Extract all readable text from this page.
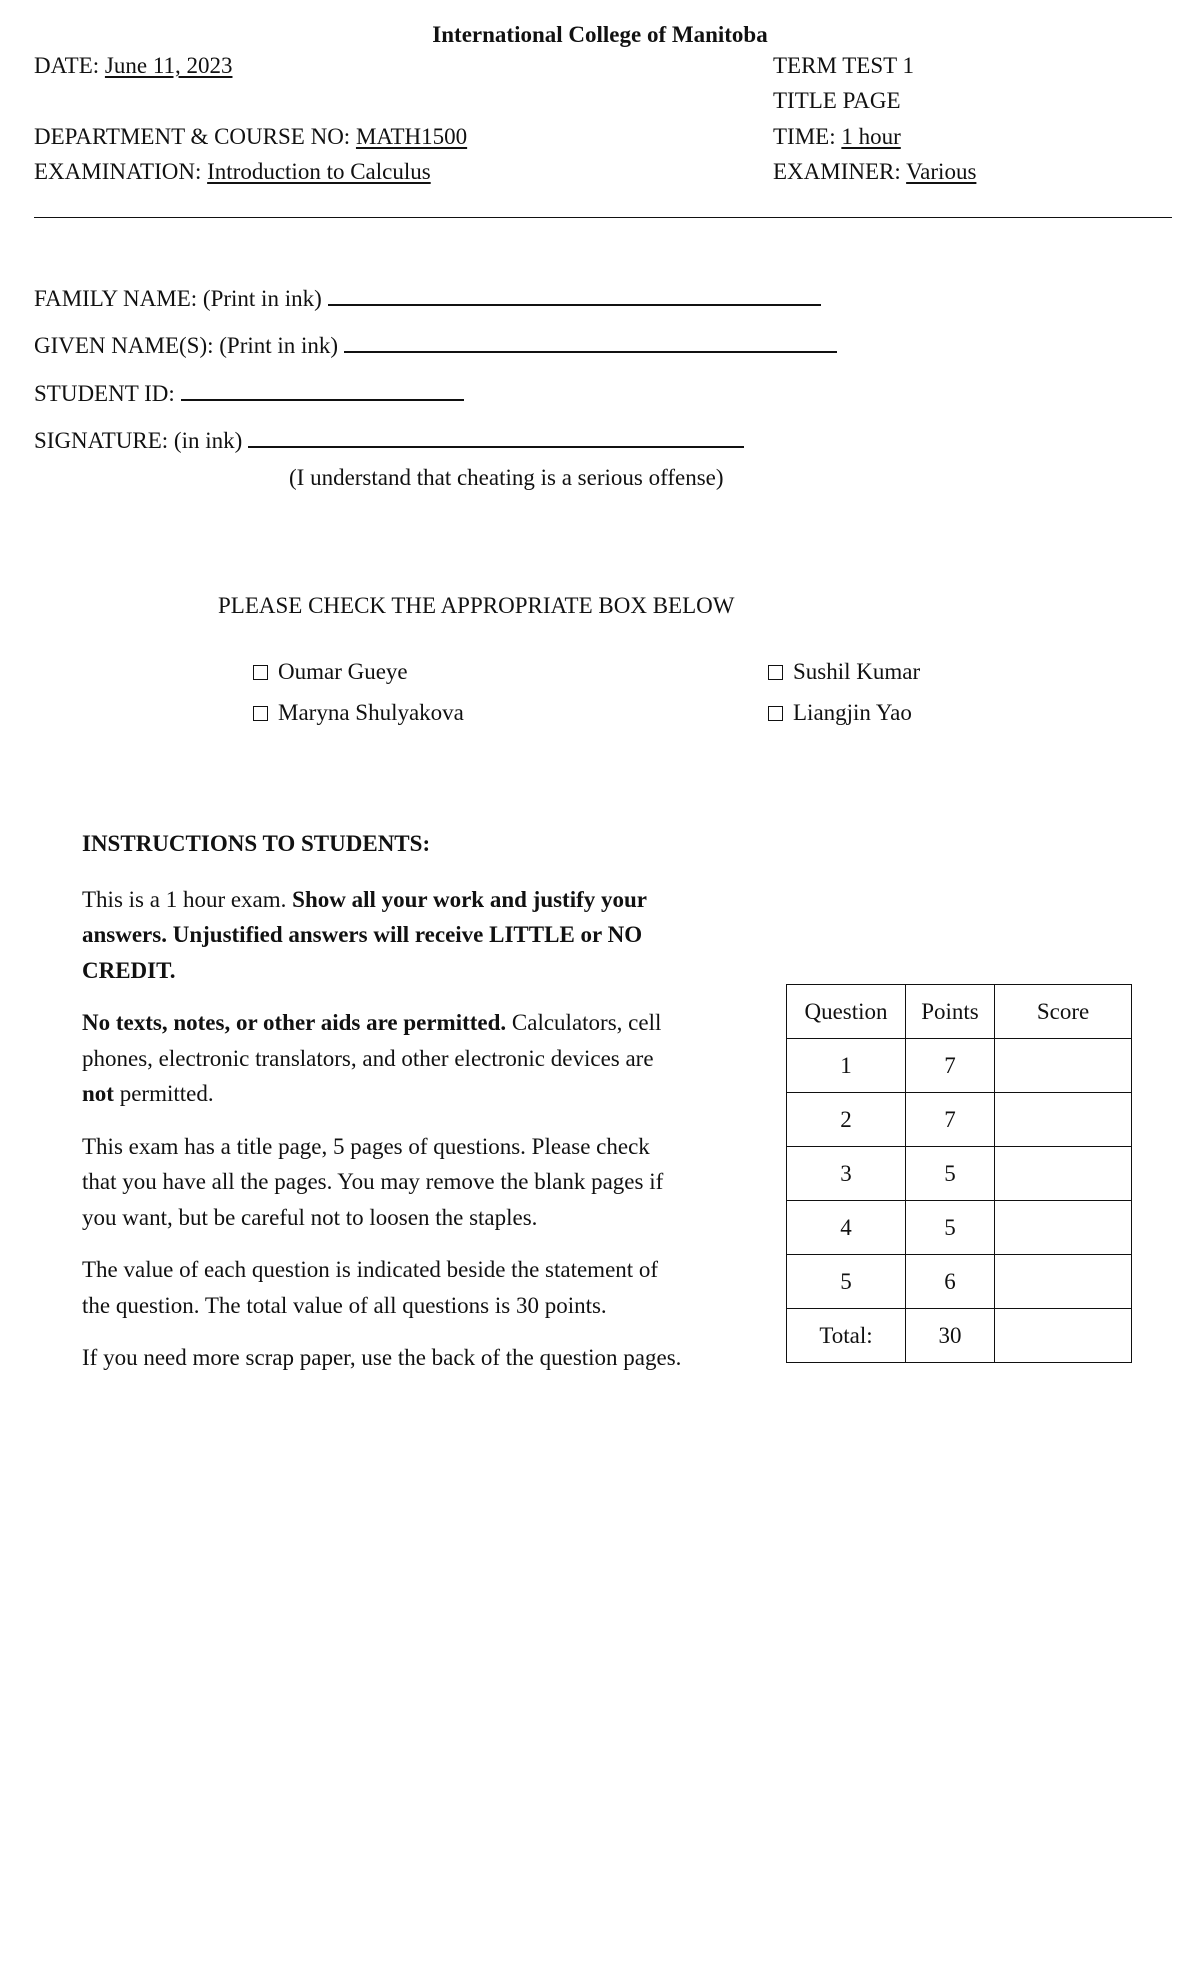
International College of Manitoba
DATE: June 11, 2023	TERM TEST 1
TITLE PAGE
DEPARTMENT & COURSE NO: MATH1500	TIME: 1 hour
EXAMINATION: Introduction to Calculus	EXAMINER: Various
FAMILY NAME: (Print in ink)
GIVEN NAME(S): (Print in ink)
STUDENT ID:
SIGNATURE: (in ink)
(I understand that cheating is a serious offense)
PLEASE CHECK THE APPROPRIATE BOX BELOW
Oumar Gueye
Maryna Shulyakova
Sushil Kumar
Liangjin Yao
INSTRUCTIONS TO STUDENTS:

This is a 1 hour exam. Show all your work and justify your answers. Unjustified answers will receive LITTLE or NO CREDIT.

No texts, notes, or other aids are permitted. Calculators, cell phones, electronic translators, and other electronic devices are not permitted.

This exam has a title page, 5 pages of questions. Please check that you have all the pages. You may remove the blank pages if you want, but be careful not to loosen the staples.

The value of each question is indicated beside the statement of the question. The total value of all questions is 30 points.

If you need more scrap paper, use the back of the question pages.

Question	Points	Score
1	7	
2	7	
3	5	
4	5	
5	6	
Total:	30	
